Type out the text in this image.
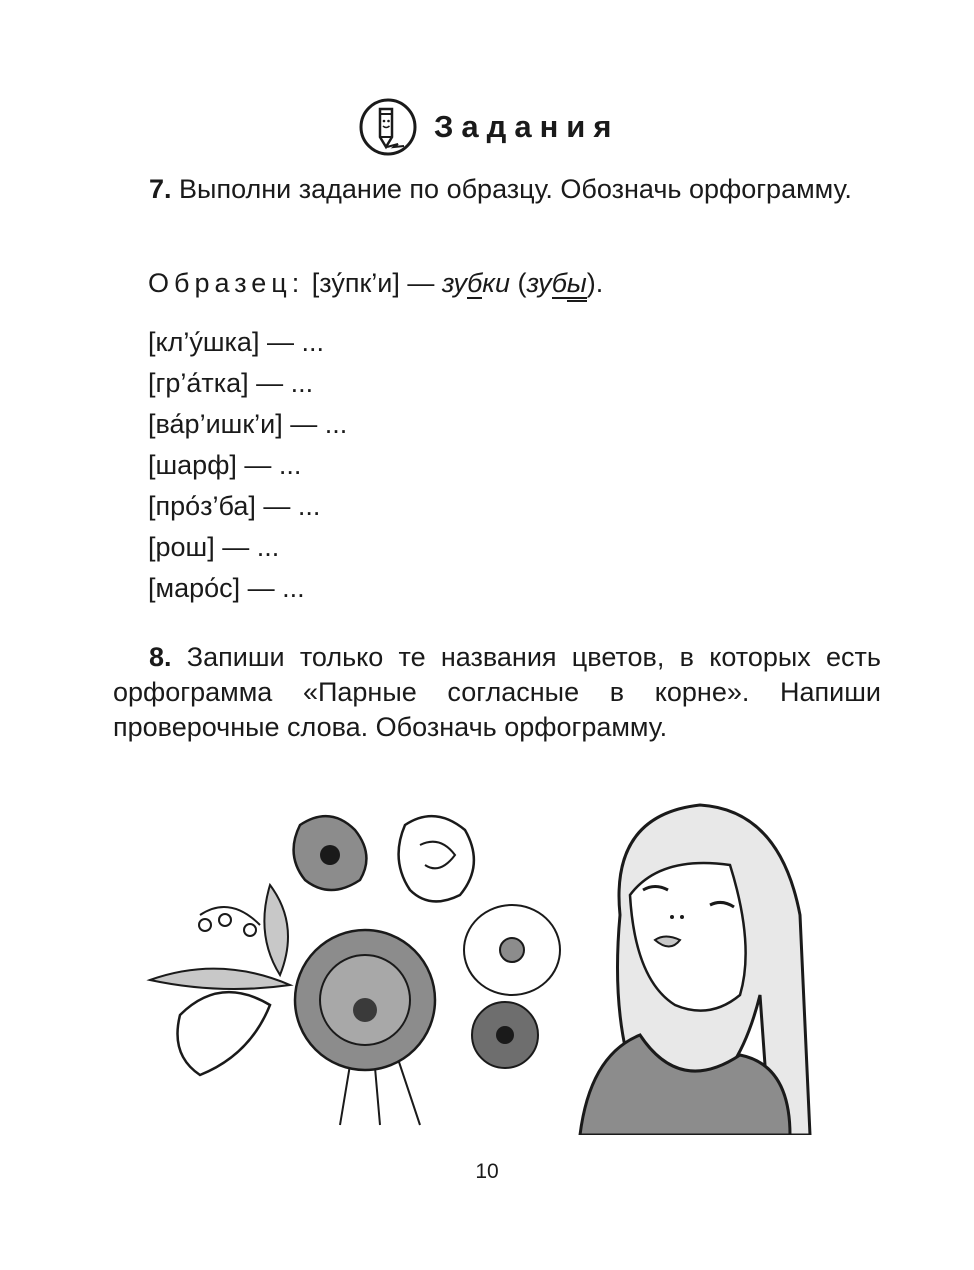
Задания
7. Выполни задание по образцу. Обозначь орфограмму.
Образец: [зу́пк’и] — зубки (зубы).
[кл’у́шка] — ...
[гр’а́тка] — ...
[ва́р’ишк’и] — ...
[шарф] — ...
[про́з’ба] — ...
[рош] — ...
[маро́с] — ...
8. Запиши только те названия цветов, в которых есть орфограмма «Парные согласные в корне». Напиши проверочные слова. Обозначь орфограмму.
10
